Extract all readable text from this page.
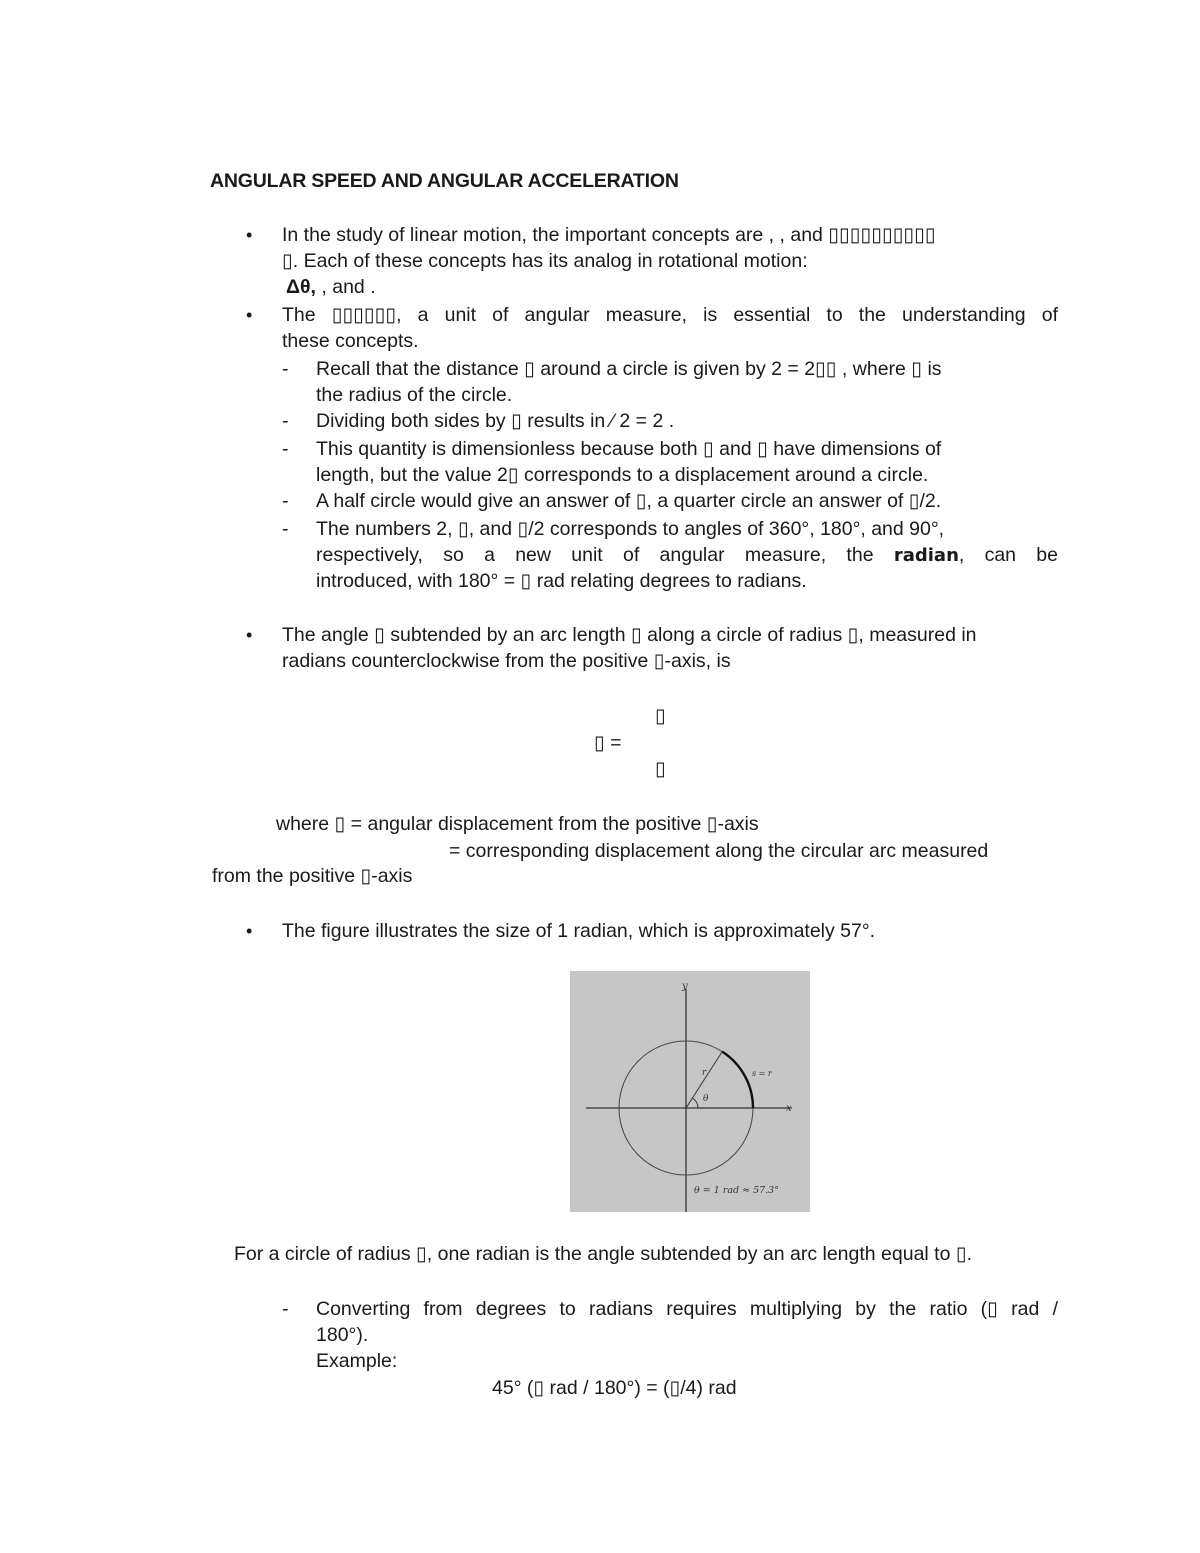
ANGULAR SPEED AND ANGULAR ACCELERATION
• In the study of linear motion, the important concepts are , , and ▯▯▯▯▯▯▯▯▯▯
▯. Each of these concepts has its analog in rotational motion:
Δθ, , and .
• The ▯▯▯▯▯▯, a unit of angular measure, is essential to the understanding of
these concepts.
- Recall that the distance ▯ around a circle is given by 2 = 2▯▯ , where ▯ is
the radius of the circle.
- Dividing both sides by ▯ results in ∕ 2 = 2 .
- This quantity is dimensionless because both ▯ and ▯ have dimensions of
length, but the value 2▯ corresponds to a displacement around a circle.
- A half circle would give an answer of ▯, a quarter circle an answer of ▯/2.
- The numbers 2, ▯, and ▯/2 corresponds to angles of 360°, 180°, and 90°,
respectively, so a new unit of angular measure, the radian, can be
introduced, with 180° = ▯ rad relating degrees to radians.
• The angle ▯ subtended by an arc length ▯ along a circle of radius ▯, measured in
radians counterclockwise from the positive ▯-axis, is
▯
▯ =
▯
where ▯ = angular displacement from the positive ▯-axis
= corresponding displacement along the circular arc measured
from the positive ▯-axis
• The figure illustrates the size of 1 radian, which is approximately 57°.
y
x
r	s = r
θ
θ = 1 rad ≈ 57.3°
For a circle of radius ▯, one radian is the angle subtended by an arc length equal to ▯.
- Converting from degrees to radians requires multiplying by the ratio (▯ rad /
180°).
Example:
45° (▯ rad / 180°) = (▯/4) rad
